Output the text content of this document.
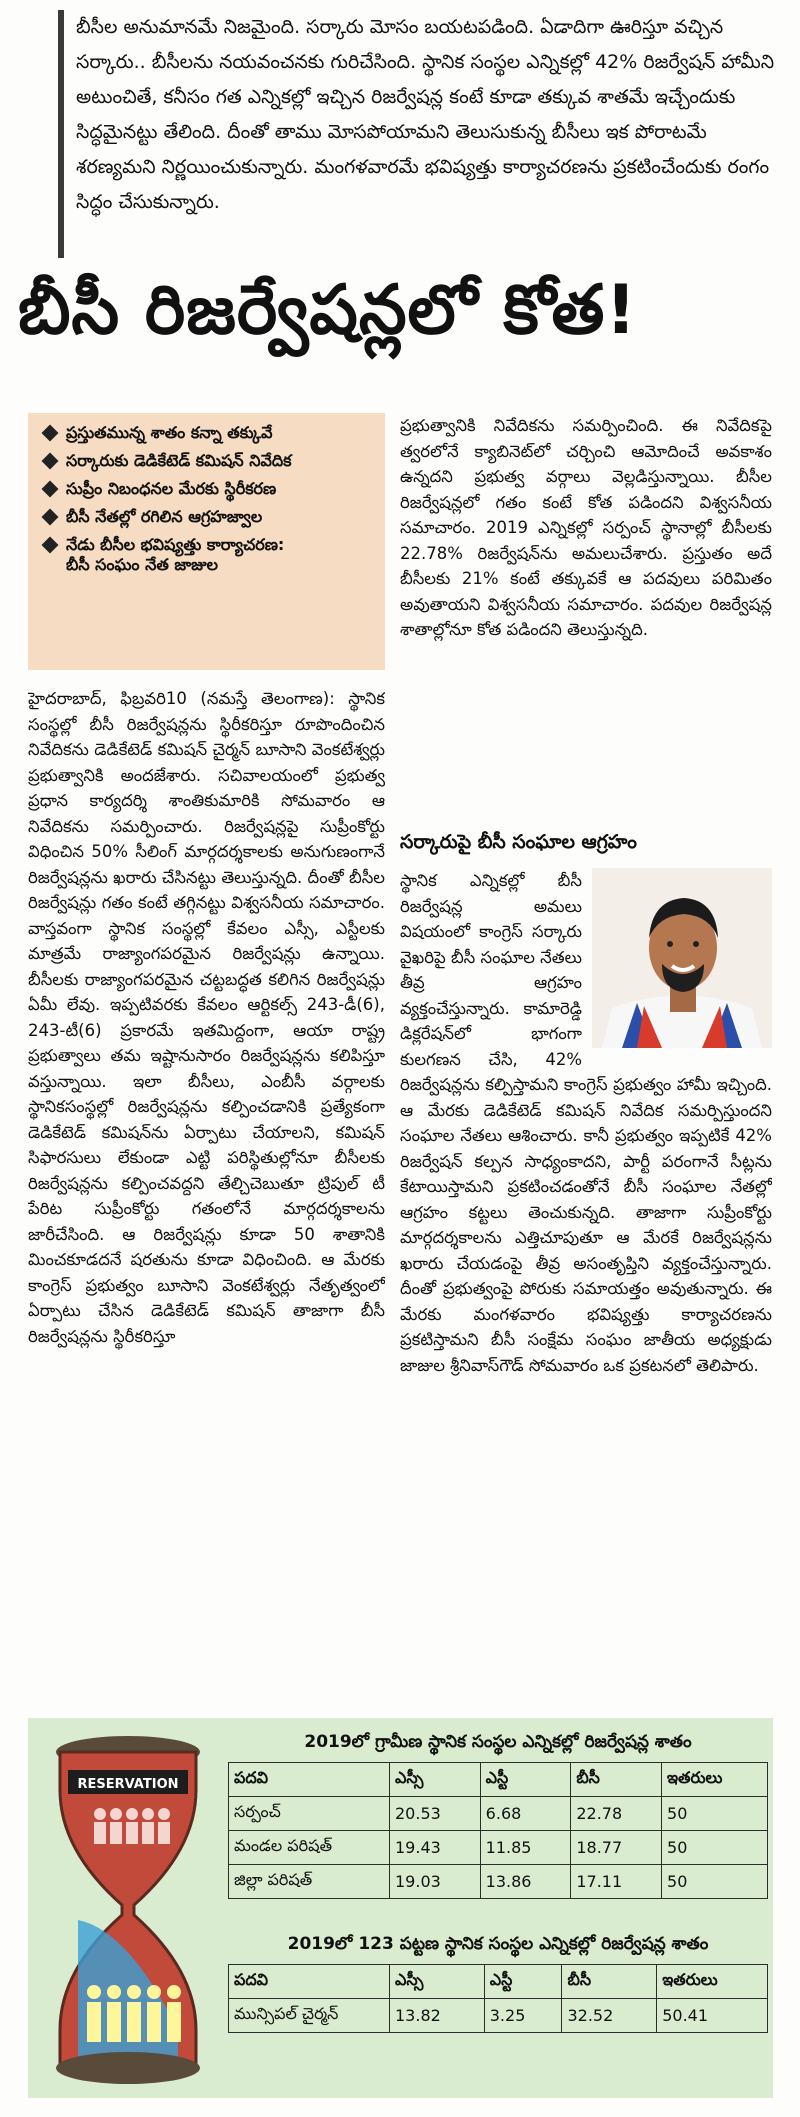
బీసీల అనుమానమే నిజమైంది. సర్కారు మోసం బయటపడింది. ఏడాదిగా ఊరిస్తూ వచ్చిన సర్కారు.. బీసీలను నయవంచనకు గురిచేసింది. స్థానిక సంస్థల ఎన్నికల్లో 42% రిజర్వేషన్ హామీని అటుంచితే, కనీసం గత ఎన్నికల్లో ఇచ్చిన రిజర్వేషన్ల కంటే కూడా తక్కువ శాతమే ఇచ్చేందుకు సిద్ధమైనట్టు తేలింది. దీంతో తాము మోసపోయామని తెలుసుకున్న బీసీలు ఇక పోరాటమే శరణ్యమని నిర్ణయించుకున్నారు. మంగళవారమే భవిష్యత్తు కార్యాచరణను ప్రకటించేందుకు రంగం సిద్ధం చేసుకున్నారు.

బీసీ రిజర్వేషన్లలో కోత!
ప్రస్తుతమున్న శాతం కన్నా తక్కువే
సర్కారుకు డెడికేటెడ్ కమిషన్ నివేదిక
సుప్రీం నిబంధనల మేరకు స్థిరీకరణ
బీసీ నేతల్లో రగిలిన ఆగ్రహజ్వాల
నేడు బీసీల భవిష్యత్తు కార్యాచరణ:
బీసీ సంఘం నేత జాజుల

హైదరాబాద్, ఫిబ్రవరి10 (నమస్తే తెలంగాణ): స్థానిక సంస్థల్లో బీసీ రిజర్వేషన్లను స్థిరీకరిస్తూ రూపొందించిన నివేదికను డెడికేటెడ్ కమిషన్ చైర్మన్ బూసాని వెంకటేశ్వర్లు ప్రభుత్వానికి అందజేశారు. సచివాలయంలో ప్రభుత్వ ప్రధాన కార్యదర్శి శాంతికుమారికి సోమవారం ఆ నివేదికను సమర్పించారు. రిజర్వేషన్లపై సుప్రీంకోర్టు విధించిన 50% సీలింగ్ మార్గదర్శకాలకు అనుగుణంగానే రిజర్వేషన్లను ఖరారు చేసినట్టు తెలుస్తున్నది. దీంతో బీసీల రిజర్వేషన్లు గతం కంటే తగ్గినట్టు విశ్వసనీయ సమాచారం. వాస్తవంగా స్థానిక సంస్థల్లో కేవలం ఎస్సీ, ఎస్టీలకు మాత్రమే రాజ్యాంగపరమైన రిజర్వేషన్లు ఉన్నాయి. బీసీలకు రాజ్యాంగపరమైన చట్టబద్ధత కలిగిన రిజర్వేషన్లు ఏమీ లేవు. ఇప్పటివరకు కేవలం ఆర్టికల్స్ 243-డీ(6), 243-టీ(6) ప్రకారమే ఇతమిద్దంగా, ఆయా రాష్ట్ర ప్రభుత్వాలు తమ ఇష్టానుసారం రిజర్వేషన్లను కలిపిస్తూ వస్తున్నాయి. ఇలా బీసీలు, ఎంబీసీ వర్గాలకు స్థానికసంస్థల్లో రిజర్వేషన్లను కల్పించడానికి ప్రత్యేకంగా డెడికేటెడ్ కమిషన్‌ను ఏర్పాటు చేయాలని, కమిషన్ సిఫారసులు లేకుండా ఎట్టి పరిస్థితుల్లోనూ బీసీలకు రిజర్వేషన్లను కల్పించవద్దని తేల్చిచెబుతూ ట్రిపుల్ టీ పేరిట సుప్రీంకోర్టు గతంలోనే మార్గదర్శకాలను జారీచేసింది. ఆ రిజర్వేషన్లు కూడా 50 శాతానికి మించకూడదనే షరతును కూడా విధించింది. ఆ మేరకు కాంగ్రెస్ ప్రభుత్వం బూసాని వెంకటేశ్వర్లు నేతృత్వంలో ఏర్పాటు చేసిన డెడికేటెడ్ కమిషన్ తాజాగా బీసీ రిజర్వేషన్లను స్థిరీకరిస్తూ

ప్రభుత్వానికి నివేదికను సమర్పించింది. ఈ నివేదికపై త్వరలోనే క్యాబినెట్‌లో చర్చించి ఆమోదించే అవకాశం ఉన్నదని ప్రభుత్వ వర్గాలు వెల్లడిస్తున్నాయి. బీసీల రిజర్వేషన్లలో గతం కంటే కోత పడిందని విశ్వసనీయ సమాచారం. 2019 ఎన్నికల్లో సర్పంచ్ స్థానాల్లో బీసీలకు 22.78% రిజర్వేషన్‌ను అమలుచేశారు. ప్రస్తుతం అదే బీసీలకు 21% కంటే తక్కువకే ఆ పదవులు పరిమితం అవుతాయని విశ్వసనీయ సమాచారం. పదవుల రిజర్వేషన్ల శాతాల్లోనూ కోత పడిందని తెలుస్తున్నది.

సర్కారుపై బీసీ సంఘాల ఆగ్రహం

స్థానిక ఎన్నికల్లో బీసీ రిజర్వేషన్ల అమలు విషయంలో కాంగ్రెస్ సర్కారు వైఖరిపై బీసీ సంఘాల నేతలు తీవ్ర ఆగ్రహం వ్యక్తంచేస్తున్నారు. కామారెడ్డి డిక్లరేషన్‌లో భాగంగా కులగణన చేసి, 42% రిజర్వేషన్లను కల్పిస్తామని కాంగ్రెస్ ప్రభుత్వం హామీ ఇచ్చింది. ఆ మేరకు డెడికేటెడ్ కమిషన్ నివేదిక సమర్పిస్తుందని సంఘాల నేతలు ఆశించారు. కానీ ప్రభుత్వం ఇప్పటికే 42% రిజర్వేషన్ కల్పన సాధ్యంకాదని, పార్టీ పరంగానే సీట్లను కేటాయిస్తామని ప్రకటించడంతోనే బీసీ సంఘాల నేతల్లో ఆగ్రహం కట్టలు తెంచుకున్నది. తాజాగా సుప్రీంకోర్టు మార్గదర్శకాలను ఎత్తిచూపుతూ ఆ మేరకే రిజర్వేషన్లను ఖరారు చేయడంపై తీవ్ర అసంతృప్తిని వ్యక్తంచేస్తున్నారు. దీంతో ప్రభుత్వంపై పోరుకు సమాయత్తం అవుతున్నారు. ఈ మేరకు మంగళవారం భవిష్యత్తు కార్యాచరణను ప్రకటిస్తామని బీసీ సంక్షేమ సంఘం జాతీయ అధ్యక్షుడు జాజుల శ్రీనివాస్‌గౌడ్ సోమవారం ఒక ప్రకటనలో తెలిపారు.

RESERVATION
2019లో గ్రామీణ స్థానిక సంస్థల ఎన్నికల్లో రిజర్వేషన్ల శాతం				
పదవి	ఎస్సీ	ఎస్టీ	బీసీ	ఇతరులు
సర్పంచ్	20.53	6.68	22.78	50
మండల పరిషత్	19.43	11.85	18.77	50
జిల్లా పరిషత్	19.03	13.86	17.11	50
2019లో 123 పట్టణ స్థానిక సంస్థల ఎన్నికల్లో రిజర్వేషన్ల శాతం				
పదవి	ఎస్సీ	ఎస్టీ	బీసీ	ఇతరులు
మున్సిపల్ చైర్మన్	13.82	3.25	32.52	50.41
